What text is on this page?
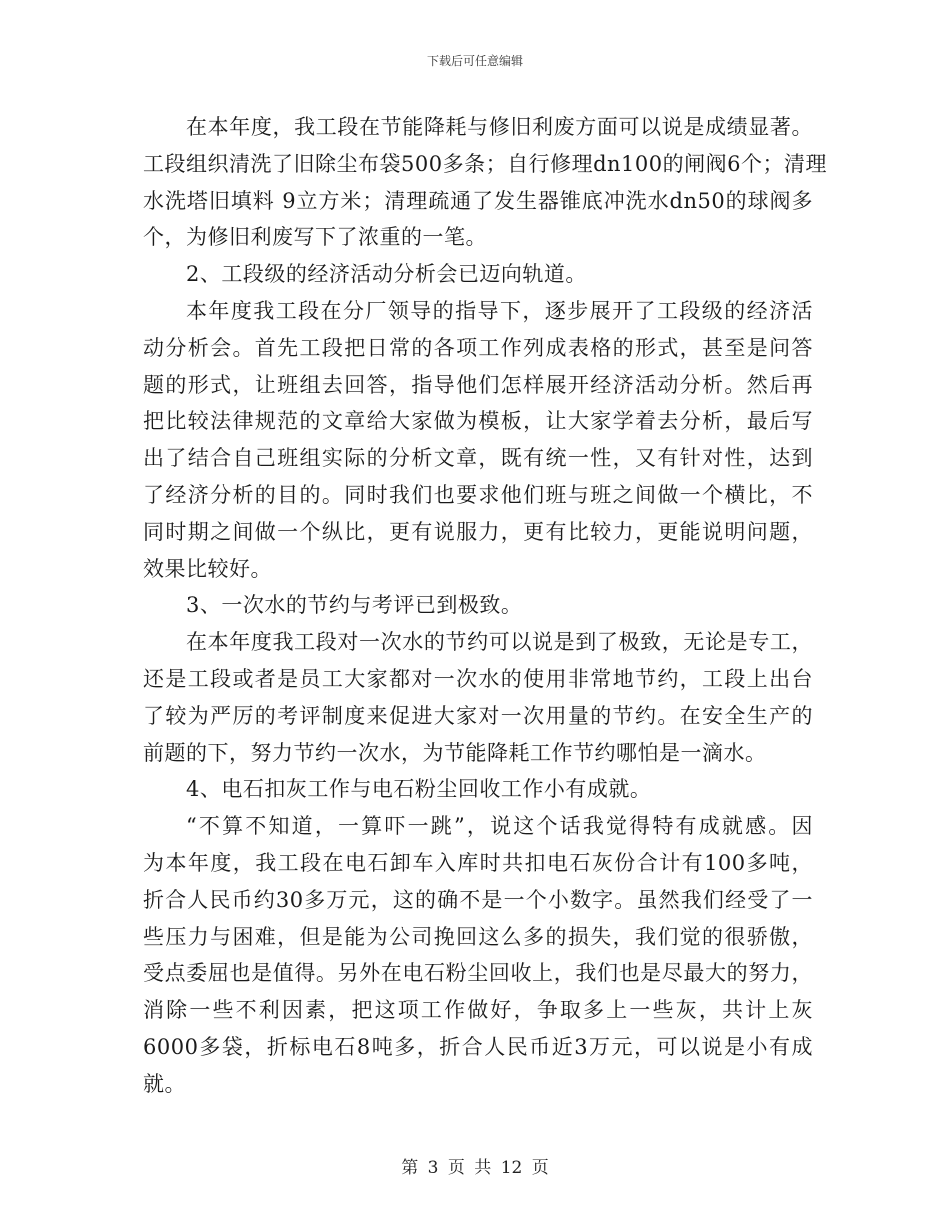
下载后可任意编辑
在本年度，我工段在节能降耗与修旧利废方面可以说是成绩显著。
工段组织清洗了旧除尘布袋500多条；自行修理dn100的闸阀6个；清理
水洗塔旧填料 9立方米；清理疏通了发生器锥底冲洗水dn50的球阀多
个，为修旧利废写下了浓重的一笔。
2、工段级的经济活动分析会已迈向轨道。
本年度我工段在分厂领导的指导下，逐步展开了工段级的经济活
动分析会。首先工段把日常的各项工作列成表格的形式，甚至是问答
题的形式，让班组去回答，指导他们怎样展开经济活动分析。然后再
把比较法律规范的文章给大家做为模板，让大家学着去分析，最后写
出了结合自己班组实际的分析文章，既有统一性，又有针对性，达到
了经济分析的目的。同时我们也要求他们班与班之间做一个横比，不
同时期之间做一个纵比，更有说服力，更有比较力，更能说明问题，
效果比较好。
3、一次水的节约与考评已到极致。
在本年度我工段对一次水的节约可以说是到了极致，无论是专工，
还是工段或者是员工大家都对一次水的使用非常地节约，工段上出台
了较为严厉的考评制度来促进大家对一次用量的节约。在安全生产的
前题的下，努力节约一次水，为节能降耗工作节约哪怕是一滴水。
4、电石扣灰工作与电石粉尘回收工作小有成就。
“不算不知道，一算吓一跳”，说这个话我觉得特有成就感。因
为本年度，我工段在电石卸车入库时共扣电石灰份合计有100多吨，
折合人民币约30多万元，这的确不是一个小数字。虽然我们经受了一
些压力与困难，但是能为公司挽回这么多的损失，我们觉的很骄傲，
受点委屈也是值得。另外在电石粉尘回收上，我们也是尽最大的努力，
消除一些不利因素，把这项工作做好，争取多上一些灰，共计上灰
6000多袋，折标电石8吨多，折合人民币近3万元，可以说是小有成
就。
第 3 页 共 12 页
